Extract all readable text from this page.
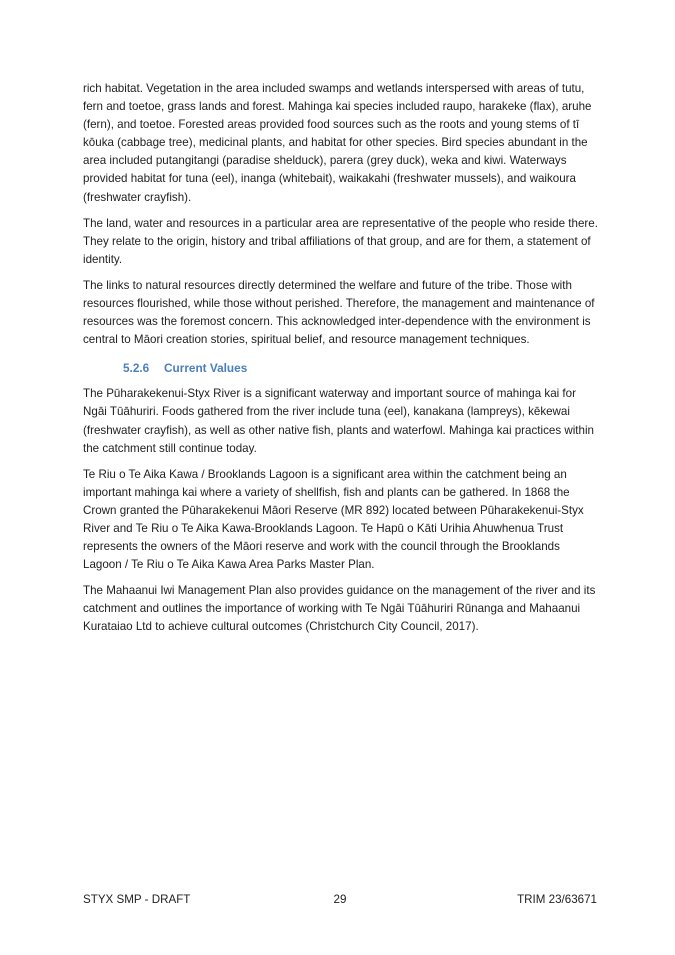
rich habitat. Vegetation in the area included swamps and wetlands interspersed with areas of tutu, fern and toetoe, grass lands and forest. Mahinga kai species included raupo, harakeke (flax), aruhe (fern), and toetoe. Forested areas provided food sources such as the roots and young stems of tī kōuka (cabbage tree), medicinal plants, and habitat for other species. Bird species abundant in the area included putangitangi (paradise shelduck), parera (grey duck), weka and kiwi. Waterways provided habitat for tuna (eel), inanga (whitebait), waikakahi (freshwater mussels), and waikoura (freshwater crayfish).

The land, water and resources in a particular area are representative of the people who reside there. They relate to the origin, history and tribal affiliations of that group, and are for them, a statement of identity.

The links to natural resources directly determined the welfare and future of the tribe. Those with resources flourished, while those without perished. Therefore, the management and maintenance of resources was the foremost concern. This acknowledged inter-dependence with the environment is central to Māori creation stories, spiritual belief, and resource management techniques.

5.2.6 Current Values

The Pūharakekenui-Styx River is a significant waterway and important source of mahinga kai for Ngāi Tūāhuriri. Foods gathered from the river include tuna (eel), kanakana (lampreys), kēkewai (freshwater crayfish), as well as other native fish, plants and waterfowl. Mahinga kai practices within the catchment still continue today.

Te Riu o Te Aika Kawa / Brooklands Lagoon is a significant area within the catchment being an important mahinga kai where a variety of shellfish, fish and plants can be gathered. In 1868 the Crown granted the Pūharakekenui Māori Reserve (MR 892) located between Pūharakekenui-Styx River and Te Riu o Te Aika Kawa-Brooklands Lagoon. Te Hapū o Kāti Urihia Ahuwhenua Trust represents the owners of the Māori reserve and work with the council through the Brooklands Lagoon / Te Riu o Te Aika Kawa Area Parks Master Plan.

The Mahaanui Iwi Management Plan also provides guidance on the management of the river and its catchment and outlines the importance of working with Te Ngāi Tūāhuriri Rūnanga and Mahaanui Kurataiao Ltd to achieve cultural outcomes (Christchurch City Council, 2017).

STYX SMP - DRAFT	29	TRIM 23/63671
